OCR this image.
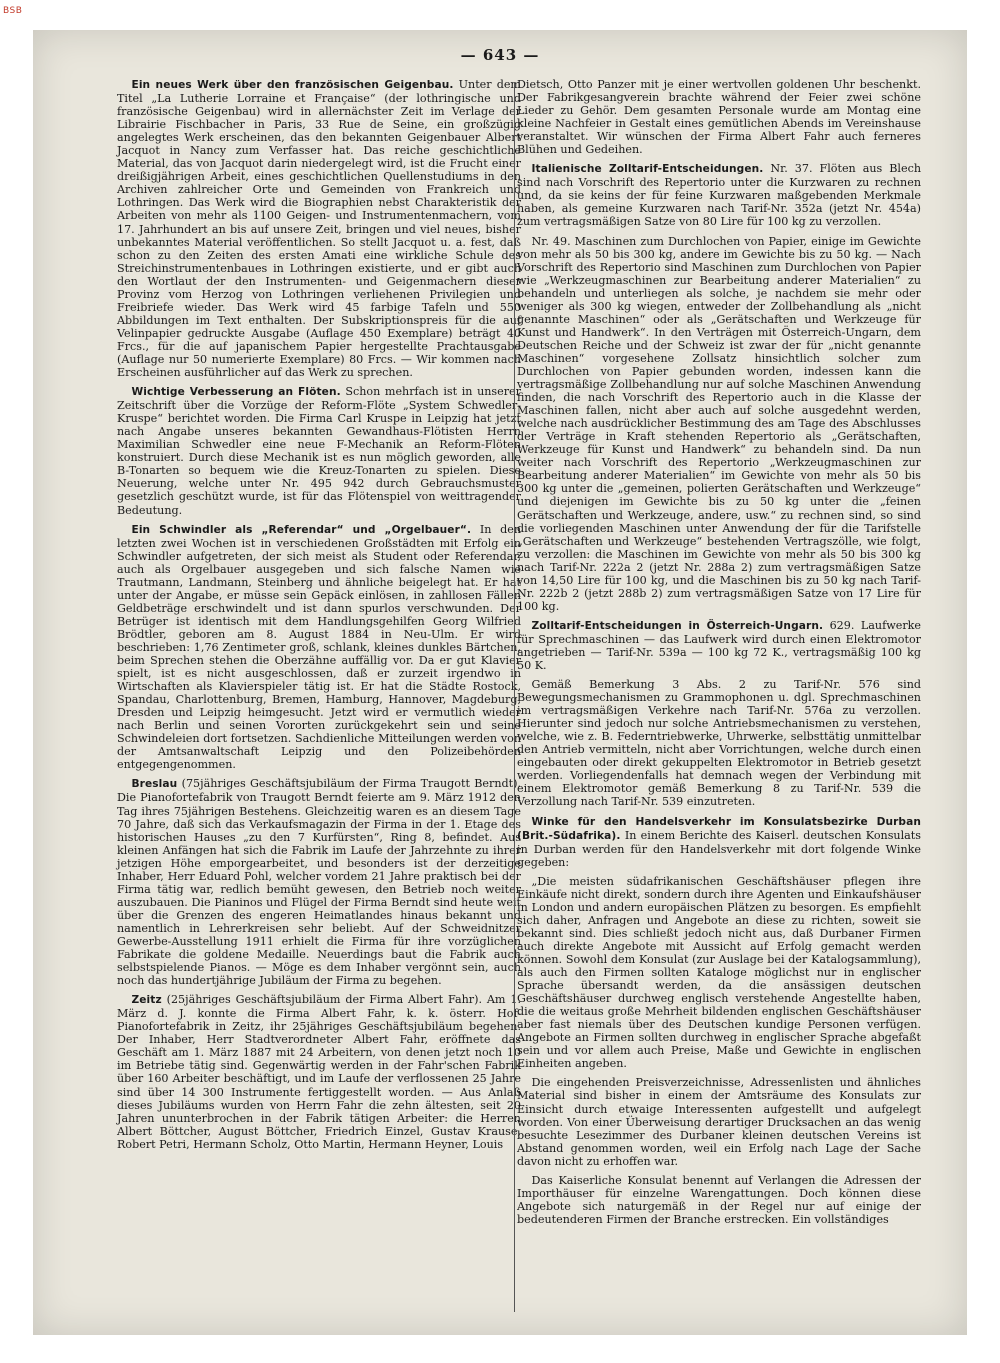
BSB
— 643 —

Ein neues Werk über den französischen Geigenbau. Unter dem Titel „La Lutherie Lorraine et Française“ (der lothringische und französische Geigenbau) wird in allernächster Zeit im Verlage der Librairie Fischbacher in Paris, 33 Rue de Seine, ein großzügig angelegtes Werk erscheinen, das den bekannten Geigenbauer Albert Jacquot in Nancy zum Verfasser hat. Das reiche geschichtliche Material, das von Jacquot darin niedergelegt wird, ist die Frucht einer dreißigjährigen Arbeit, eines geschichtlichen Quellenstudiums in den Archiven zahlreicher Orte und Gemeinden von Frankreich und Lothringen. Das Werk wird die Biographien nebst Charakteristik der Arbeiten von mehr als 1100 Geigen- und Instrumentenmachern, vom 17. Jahrhundert an bis auf unsere Zeit, bringen und viel neues, bisher unbekanntes Material veröffentlichen. So stellt Jacquot u. a. fest, daß schon zu den Zeiten des ersten Amati eine wirkliche Schule des Streichinstrumentenbaues in Lothringen existierte, und er gibt auch den Wortlaut der den Instrumenten- und Geigenmachern dieser Provinz vom Herzog von Lothringen verliehenen Privilegien und Freibriefe wieder. Das Werk wird 45 farbige Tafeln und 550 Abbildungen im Text enthalten. Der Subskriptionspreis für die auf Velinpapier gedruckte Ausgabe (Auflage 450 Exemplare) beträgt 40 Frcs., für die auf japanischem Papier hergestellte Prachtausgabe (Auflage nur 50 numerierte Exemplare) 80 Frcs. — Wir kommen nach Erscheinen ausführlicher auf das Werk zu sprechen.

Wichtige Verbesserung an Flöten. Schon mehrfach ist in unserer Zeitschrift über die Vorzüge der Reform-Flöte „System Schwedler-Kruspe“ berichtet worden. Die Firma Carl Kruspe in Leipzig hat jetzt nach Angabe unseres bekannten Gewandhaus-Flötisten Herrn Maximilian Schwedler eine neue F-Mechanik an Reform-Flöten konstruiert. Durch diese Mechanik ist es nun möglich geworden, alle B-Tonarten so bequem wie die Kreuz-Tonarten zu spielen. Diese Neuerung, welche unter Nr. 495 942 durch Gebrauchsmuster gesetzlich geschützt wurde, ist für das Flötenspiel von weittragender Bedeutung.

Ein Schwindler als „Referendar“ und „Orgelbauer“. In den letzten zwei Wochen ist in verschiedenen Großstädten mit Erfolg ein Schwindler aufgetreten, der sich meist als Student oder Referendar, auch als Orgelbauer ausgegeben und sich falsche Namen wie Trautmann, Landmann, Steinberg und ähnliche beigelegt hat. Er hat unter der Angabe, er müsse sein Gepäck einlösen, in zahllosen Fällen Geldbeträge erschwindelt und ist dann spurlos verschwunden. Der Betrüger ist identisch mit dem Handlungsgehilfen Georg Wilfried Brödtler, geboren am 8. August 1884 in Neu-Ulm. Er wird beschrieben: 1,76 Zentimeter groß, schlank, kleines dunkles Bärtchen, beim Sprechen stehen die Oberzähne auffällig vor. Da er gut Klavier spielt, ist es nicht ausgeschlossen, daß er zurzeit irgendwo in Wirtschaften als Klavierspieler tätig ist. Er hat die Städte Rostock, Spandau, Charlottenburg, Bremen, Hamburg, Hannover, Magdeburg, Dresden und Leipzig heimgesucht. Jetzt wird er vermutlich wieder nach Berlin und seinen Vororten zurückgekehrt sein und seine Schwindeleien dort fortsetzen. Sachdienliche Mitteilungen werden von der Amtsanwaltschaft Leipzig und den Polizeibehörden entgegengenommen.

Breslau (75jähriges Geschäftsjubiläum der Firma Traugott Berndt). Die Pianofortefabrik von Traugott Berndt feierte am 9. März 1912 den Tag ihres 75jährigen Bestehens. Gleichzeitig waren es an diesem Tage 70 Jahre, daß sich das Verkaufsmagazin der Firma in der 1. Etage des historischen Hauses „zu den 7 Kurfürsten“, Ring 8, befindet. Aus kleinen Anfängen hat sich die Fabrik im Laufe der Jahrzehnte zu ihrer jetzigen Höhe emporgearbeitet, und besonders ist der derzeitige Inhaber, Herr Eduard Pohl, welcher vordem 21 Jahre praktisch bei der Firma tätig war, redlich bemüht gewesen, den Betrieb noch weiter auszubauen. Die Pianinos und Flügel der Firma Berndt sind heute weit über die Grenzen des engeren Heimatlandes hinaus bekannt und namentlich in Lehrerkreisen sehr beliebt. Auf der Schweidnitzer Gewerbe-Ausstellung 1911 erhielt die Firma für ihre vorzüglichen Fabrikate die goldene Medaille. Neuerdings baut die Fabrik auch selbstspielende Pianos. — Möge es dem Inhaber vergönnt sein, auch noch das hundertjährige Jubiläum der Firma zu begehen.

Zeitz (25jähriges Geschäftsjubiläum der Firma Albert Fahr). Am 1. März d. J. konnte die Firma Albert Fahr, k. k. österr. Hof-Pianofortefabrik in Zeitz, ihr 25jähriges Geschäftsjubiläum begehen. Der Inhaber, Herr Stadtverordneter Albert Fahr, eröffnete das Geschäft am 1. März 1887 mit 24 Arbeitern, von denen jetzt noch 10 im Betriebe tätig sind. Gegenwärtig werden in der Fahr'schen Fabrik über 160 Arbeiter beschäftigt, und im Laufe der verflossenen 25 Jahre sind über 14 300 Instrumente fertiggestellt worden. — Aus Anlaß dieses Jubiläums wurden von Herrn Fahr die zehn ältesten, seit 20 Jahren ununterbrochen in der Fabrik tätigen Arbeiter: die Herren Albert Böttcher, August Böttcher, Friedrich Einzel, Gustav Krause, Robert Petri, Hermann Scholz, Otto Martin, Hermann Heyner, Louis

Dietsch, Otto Panzer mit je einer wertvollen goldenen Uhr beschenkt. Der Fabrikgesangverein brachte während der Feier zwei schöne Lieder zu Gehör. Dem gesamten Personale wurde am Montag eine kleine Nachfeier in Gestalt eines gemütlichen Abends im Vereinshause veranstaltet. Wir wünschen der Firma Albert Fahr auch ferneres Blühen und Gedeihen.

Italienische Zolltarif-Entscheidungen. Nr. 37. Flöten aus Blech sind nach Vorschrift des Repertorio unter die Kurzwaren zu rechnen und, da sie keins der für feine Kurzwaren maßgebenden Merkmale haben, als gemeine Kurzwaren nach Tarif-Nr. 352a (jetzt Nr. 454a) zum vertragsmäßigen Satze von 80 Lire für 100 kg zu verzollen.

Nr. 49. Maschinen zum Durchlochen von Papier, einige im Gewichte von mehr als 50 bis 300 kg, andere im Gewichte bis zu 50 kg. — Nach Vorschrift des Repertorio sind Maschinen zum Durchlochen von Papier wie „Werkzeugmaschinen zur Bearbeitung anderer Materialien“ zu behandeln und unterliegen als solche, je nachdem sie mehr oder weniger als 300 kg wiegen, entweder der Zollbehandlung als „nicht genannte Maschinen“ oder als „Gerätschaften und Werkzeuge für Kunst und Handwerk“. In den Verträgen mit Österreich-Ungarn, dem Deutschen Reiche und der Schweiz ist zwar der für „nicht genannte Maschinen“ vorgesehene Zollsatz hinsichtlich solcher zum Durchlochen von Papier gebunden worden, indessen kann die vertragsmäßige Zollbehandlung nur auf solche Maschinen Anwendung finden, die nach Vorschrift des Repertorio auch in die Klasse der Maschinen fallen, nicht aber auch auf solche ausgedehnt werden, welche nach ausdrücklicher Bestimmung des am Tage des Abschlusses der Verträge in Kraft stehenden Repertorio als „Gerätschaften, Werkzeuge für Kunst und Handwerk“ zu behandeln sind. Da nun weiter nach Vorschrift des Repertorio „Werkzeugmaschinen zur Bearbeitung anderer Materialien“ im Gewichte von mehr als 50 bis 300 kg unter die „gemeinen, polierten Gerätschaften und Werkzeuge“ und diejenigen im Gewichte bis zu 50 kg unter die „feinen Gerätschaften und Werkzeuge, andere, usw.“ zu rechnen sind, so sind die vorliegenden Maschinen unter Anwendung der für die Tarifstelle „Gerätschaften und Werkzeuge“ bestehenden Vertragszölle, wie folgt, zu verzollen: die Maschinen im Gewichte von mehr als 50 bis 300 kg nach Tarif-Nr. 222a 2 (jetzt Nr. 288a 2) zum vertragsmäßigen Satze von 14,50 Lire für 100 kg, und die Maschinen bis zu 50 kg nach Tarif-Nr. 222b 2 (jetzt 288b 2) zum vertragsmäßigen Satze von 17 Lire für 100 kg.

Zolltarif-Entscheidungen in Österreich-Ungarn. 629. Laufwerke für Sprechmaschinen — das Laufwerk wird durch einen Elektromotor angetrieben — Tarif-Nr. 539a — 100 kg 72 K., vertragsmäßig 100 kg 50 K.

Gemäß Bemerkung 3 Abs. 2 zu Tarif-Nr. 576 sind Bewegungsmechanismen zu Grammophonen u. dgl. Sprechmaschinen im vertragsmäßigen Verkehre nach Tarif-Nr. 576a zu verzollen. Hierunter sind jedoch nur solche Antriebsmechanismen zu verstehen, welche, wie z. B. Federntriebwerke, Uhrwerke, selbsttätig unmittelbar den Antrieb vermitteln, nicht aber Vorrichtungen, welche durch einen eingebauten oder direkt gekuppelten Elektromotor in Betrieb gesetzt werden. Vorliegendenfalls hat demnach wegen der Verbindung mit einem Elektromotor gemäß Bemerkung 8 zu Tarif-Nr. 539 die Verzollung nach Tarif-Nr. 539 einzutreten.

Winke für den Handelsverkehr im Konsulatsbezirke Durban (Brit.-Südafrika). In einem Berichte des Kaiserl. deutschen Konsulats in Durban werden für den Handelsverkehr mit dort folgende Winke gegeben:

„Die meisten südafrikanischen Geschäftshäuser pflegen ihre Einkäufe nicht direkt, sondern durch ihre Agenten und Einkaufshäuser in London und andern europäischen Plätzen zu besorgen. Es empfiehlt sich daher, Anfragen und Angebote an diese zu richten, soweit sie bekannt sind. Dies schließt jedoch nicht aus, daß Durbaner Firmen auch direkte Angebote mit Aussicht auf Erfolg gemacht werden können. Sowohl dem Konsulat (zur Auslage bei der Katalogsammlung), als auch den Firmen sollten Kataloge möglichst nur in englischer Sprache übersandt werden, da die ansässigen deutschen Geschäftshäuser durchweg englisch verstehende Angestellte haben, die die weitaus große Mehrheit bildenden englischen Geschäftshäuser aber fast niemals über des Deutschen kundige Personen verfügen. Angebote an Firmen sollten durchweg in englischer Sprache abgefaßt sein und vor allem auch Preise, Maße und Gewichte in englischen Einheiten angeben.

Die eingehenden Preisverzeichnisse, Adressenlisten und ähnliches Material sind bisher in einem der Amtsräume des Konsulats zur Einsicht durch etwaige Interessenten aufgestellt und aufgelegt worden. Von einer Überweisung derartiger Drucksachen an das wenig besuchte Lesezimmer des Durbaner kleinen deutschen Vereins ist Abstand genommen worden, weil ein Erfolg nach Lage der Sache davon nicht zu erhoffen war.

Das Kaiserliche Konsulat benennt auf Verlangen die Adressen der Importhäuser für einzelne Warengattungen. Doch können diese Angebote sich naturgemäß in der Regel nur auf einige der bedeutenderen Firmen der Branche erstrecken. Ein vollständiges
